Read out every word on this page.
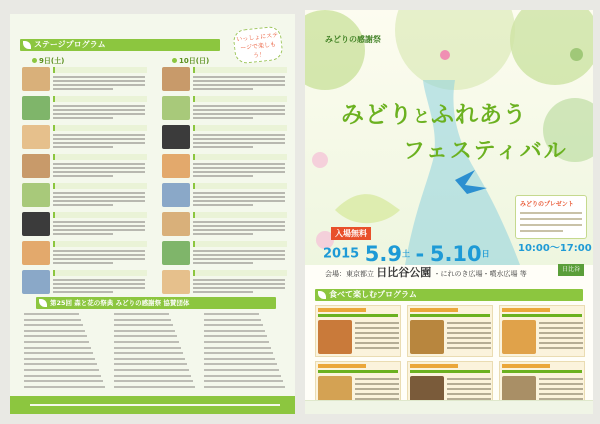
ステージプログラム
いっしょにステージで楽しもう！
9日(土)	10日(日)
第25回 森と花の祭典 みどりの感謝祭 協賛団体
みどりの感謝祭
みどりとふれあう
フェスティバル
みどりのプレゼント
入場無料
2015 5.9土 - 5.10日	10:00～17:00
会場：東京都立 日比谷公園 ・にれのき広場・噴水広場 等
日比谷
食べて楽しむプログラム
